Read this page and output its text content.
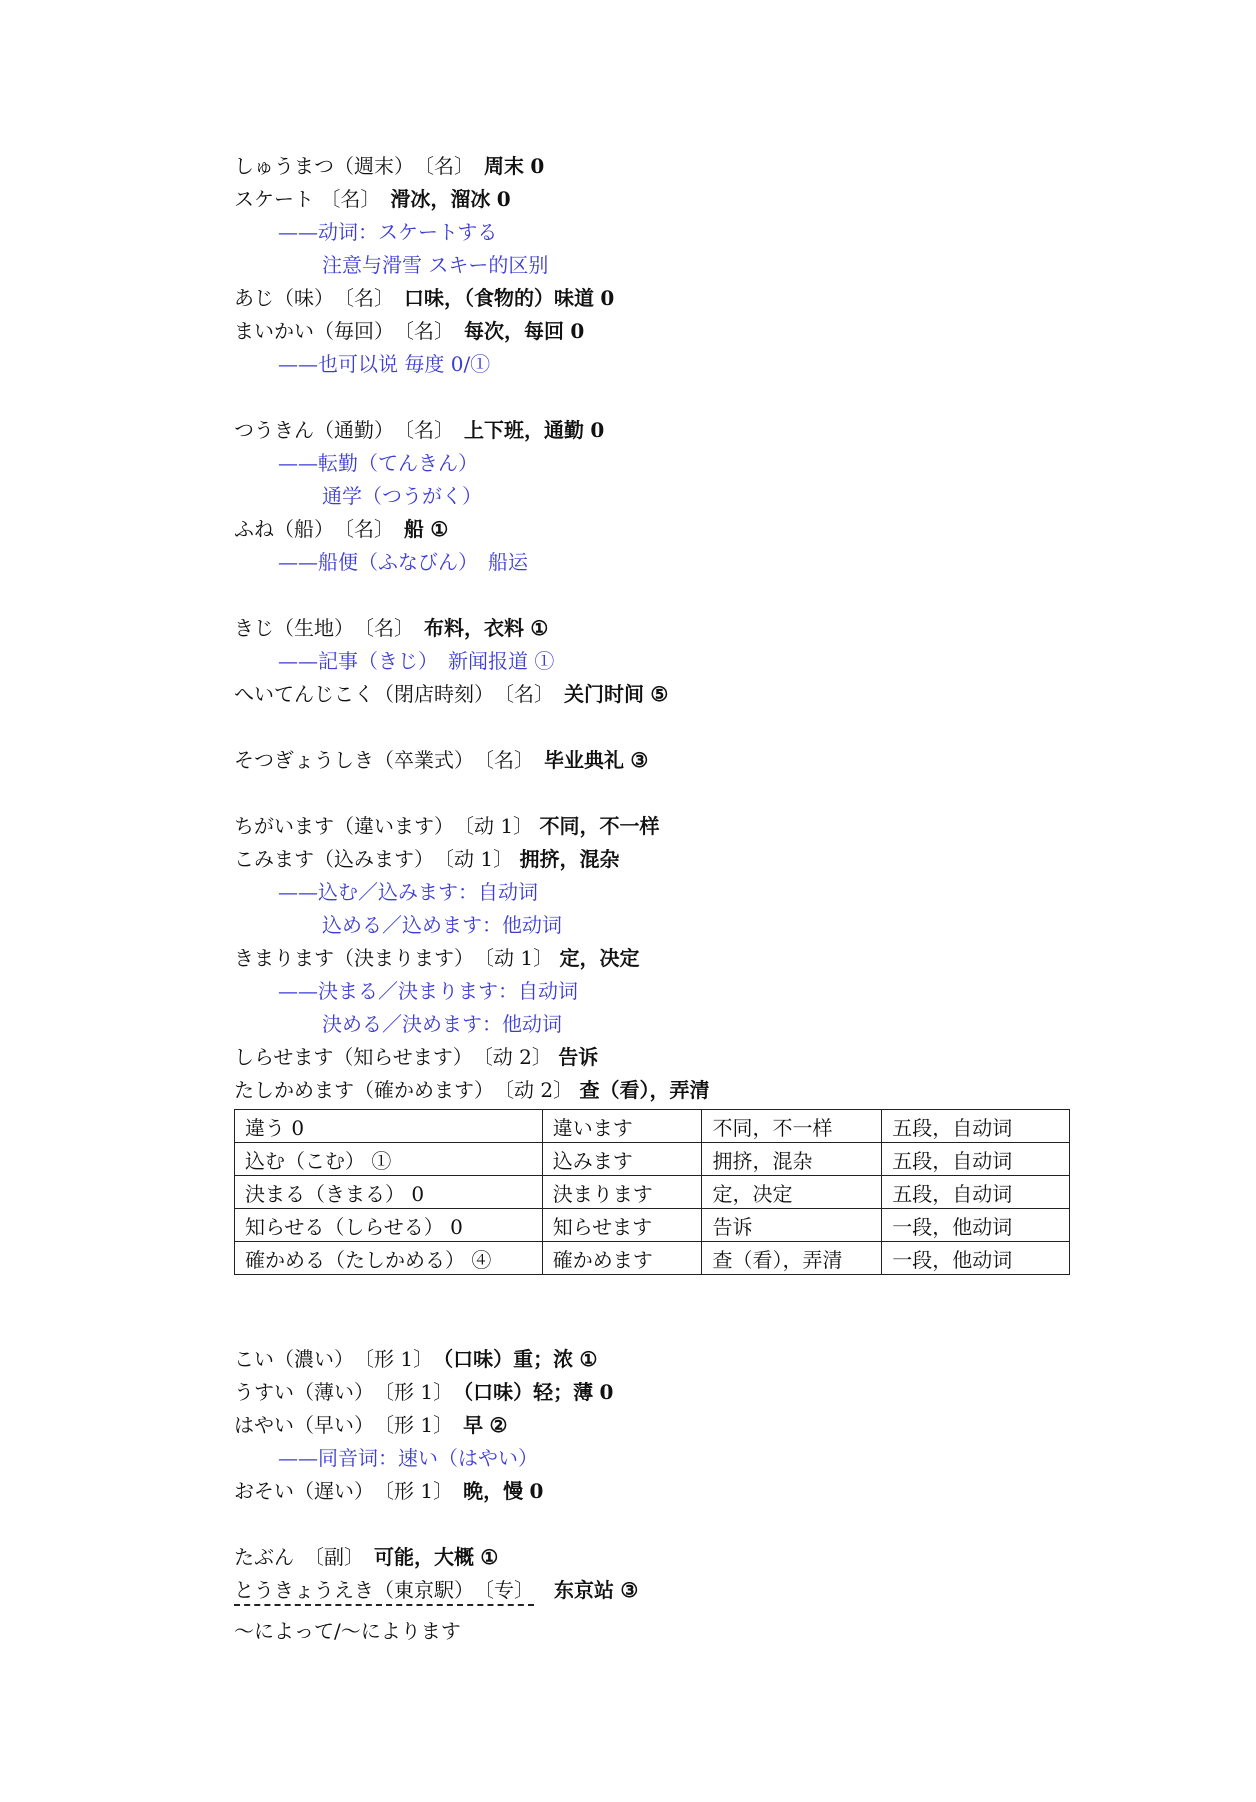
しゅうまつ（週末）　 〔名〕　 周末 0
スケート 〔名〕　 滑冰，溜冰 0
——动词：スケートする
注意与滑雪 スキー的区别
あじ（味）　 〔名〕　 口味，（食物的）味道 0
まいかい（毎回）　 〔名〕　 每次，每回 0
——也可以说 毎度 0/①
つうきん（通勤）　 〔名〕　 上下班，通勤 0
——転勤（てんきん）
通学（つうがく）
ふね（船）　 〔名〕　 船 ①
——船便（ふなびん）　船运
きじ（生地）　 〔名〕　 布料，衣料 ①
——記事（きじ）　新闻报道 ①
へいてんじこく（閉店時刻）　 〔名〕　 关门时间 ⑤
そつぎょうしき（卒業式）　 〔名〕　 毕业典礼 ③
ちがいます（違います）　 〔动 1〕 不同，不一样
こみます（込みます）　 〔动 1〕 拥挤，混杂
——込む／込みます：自动词
込める／込めます：他动词
きまります（決まります）　 〔动 1〕 定，决定
——決まる／決まります：自动词
決める／決めます：他动词
しらせます（知らせます）　 〔动 2〕 告诉
たしかめます（確かめます）　 〔动 2〕 查（看），弄清
違う 0	違います	不同，不一样	五段，自动词
込む（こむ） ①	込みます	拥挤，混杂	五段，自动词
決まる（きまる） 0	決まります	定，决定	五段，自动词
知らせる（しらせる） 0	知らせます	告诉	一段，他动词
確かめる（たしかめる） ④	確かめます	查（看），弄清	一段，他动词
こい（濃い）　 〔形 1〕　 （口味）重；浓 ①
うすい（薄い）　 〔形 1〕　 （口味）轻；薄 0
はやい（早い）　 〔形 1〕　 早 ②
——同音词：速い（はやい）
おそい（遅い）　 〔形 1〕　 晩，慢 0
たぶん　 〔副〕　 可能，大概 ①
とうきょうえき（東京駅）　 〔专〕　 东京站 ③
～によって/～によります
